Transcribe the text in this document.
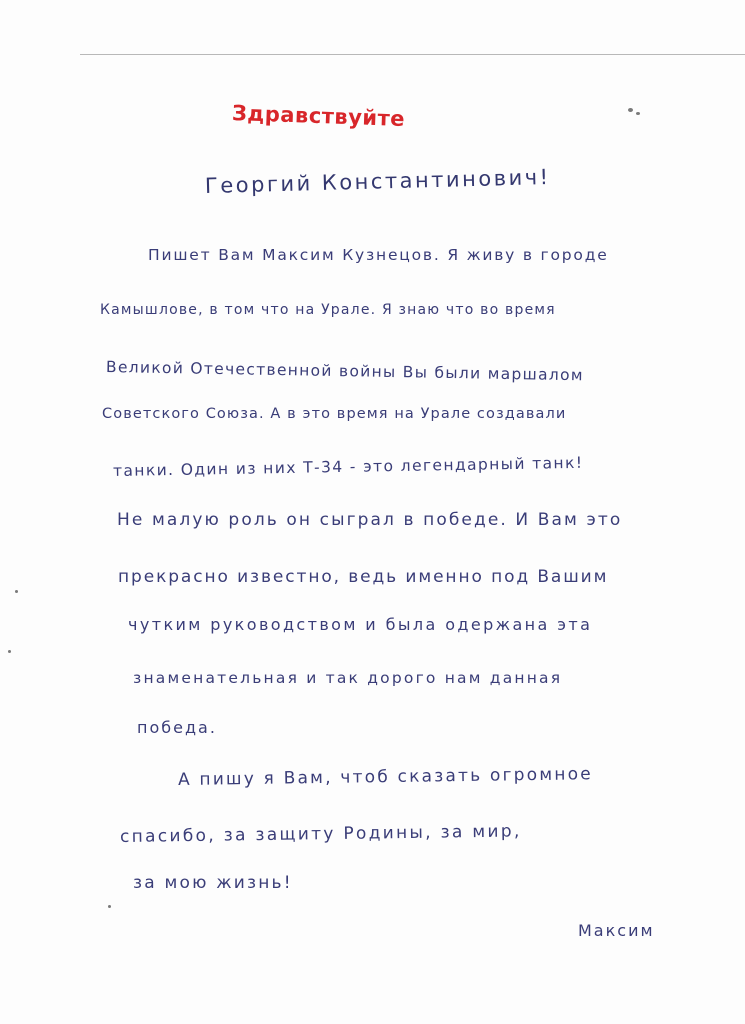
Здравствуйте
Георгий Константинович!
Пишет Вам Максим Кузнецов. Я живу в городе
Камышлове, в том что на Урале. Я знаю что во время
Великой Отечественной войны Вы были маршалом
Советского Союза. А в это время на Урале создавали
танки. Один из них Т-34 - это легендарный танк!
Не малую роль он сыграл в победе. И Вам это
прекрасно известно, ведь именно под Вашим
чутким руководством и была одержана эта
знаменательная и так дорого нам данная
победа.
А пишу я Вам, чтоб сказать огромное
спасибо, за защиту Родины, за мир,
за мою жизнь!
Максим
